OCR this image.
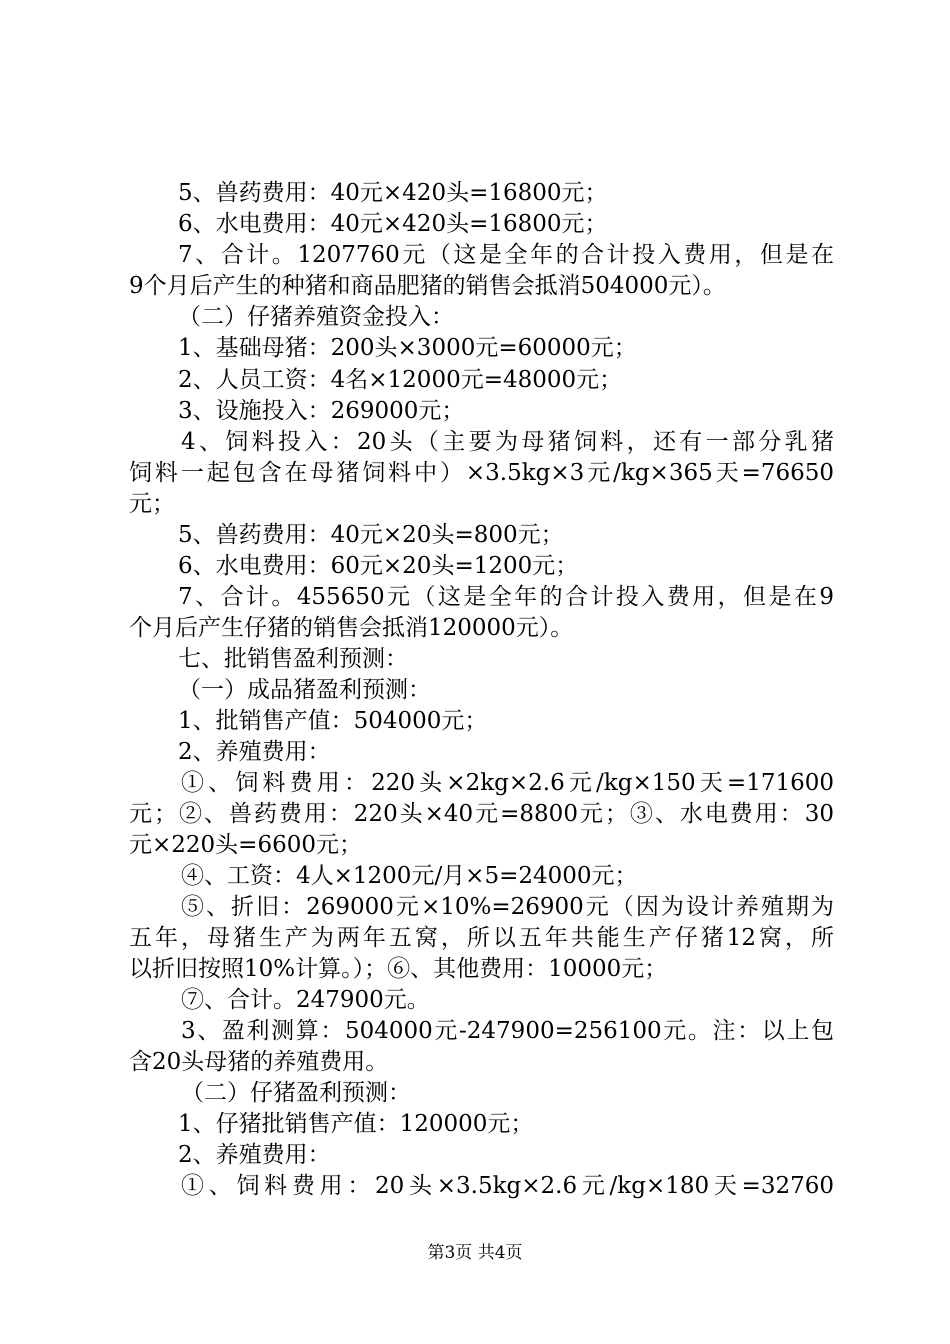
5、兽药费用：40元×420头=16800元；
6、水电费用：40元×420头=16800元；
7、合计。1207760元（这是全年的合计投入费用，但是在
9个月后产生的种猪和商品肥猪的销售会抵消504000元）。
（二）仔猪养殖资金投入：
1、基础母猪：200头×3000元=60000元；
2、人员工资：4名×12000元=48000元；
3、设施投入：269000元；
4、饲料投入：20头（主要为母猪饲料，还有一部分乳猪
饲料一起包含在母猪饲料中）×3.5kg×3元/kg×365天=76650
元；
5、兽药费用：40元×20头=800元；
6、水电费用：60元×20头=1200元；
7、合计。455650元（这是全年的合计投入费用，但是在9
个月后产生仔猪的销售会抵消120000元）。
七、批销售盈利预测：
（一）成品猪盈利预测：
1、批销售产值：504000元；
2、养殖费用：
①、饲料费用：220头×2kg×2.6元/kg×150天=171600
元；②、兽药费用：220头×40元=8800元；③、水电费用：30
元×220头=6600元；
④、工资：4人×1200元/月×5=24000元；
⑤、折旧：269000元×10%=26900元（因为设计养殖期为
五年，母猪生产为两年五窝，所以五年共能生产仔猪12窝，所
以折旧按照10%计算。）；⑥、其他费用：10000元；
⑦、合计。247900元。
3、盈利测算：504000元-247900=256100元。注：以上包
含20头母猪的养殖费用。
（二）仔猪盈利预测：
1、仔猪批销售产值：120000元；
2、养殖费用：
①、饲料费用：20头×3.5kg×2.6元/kg×180天=32760
第3页 共4页
